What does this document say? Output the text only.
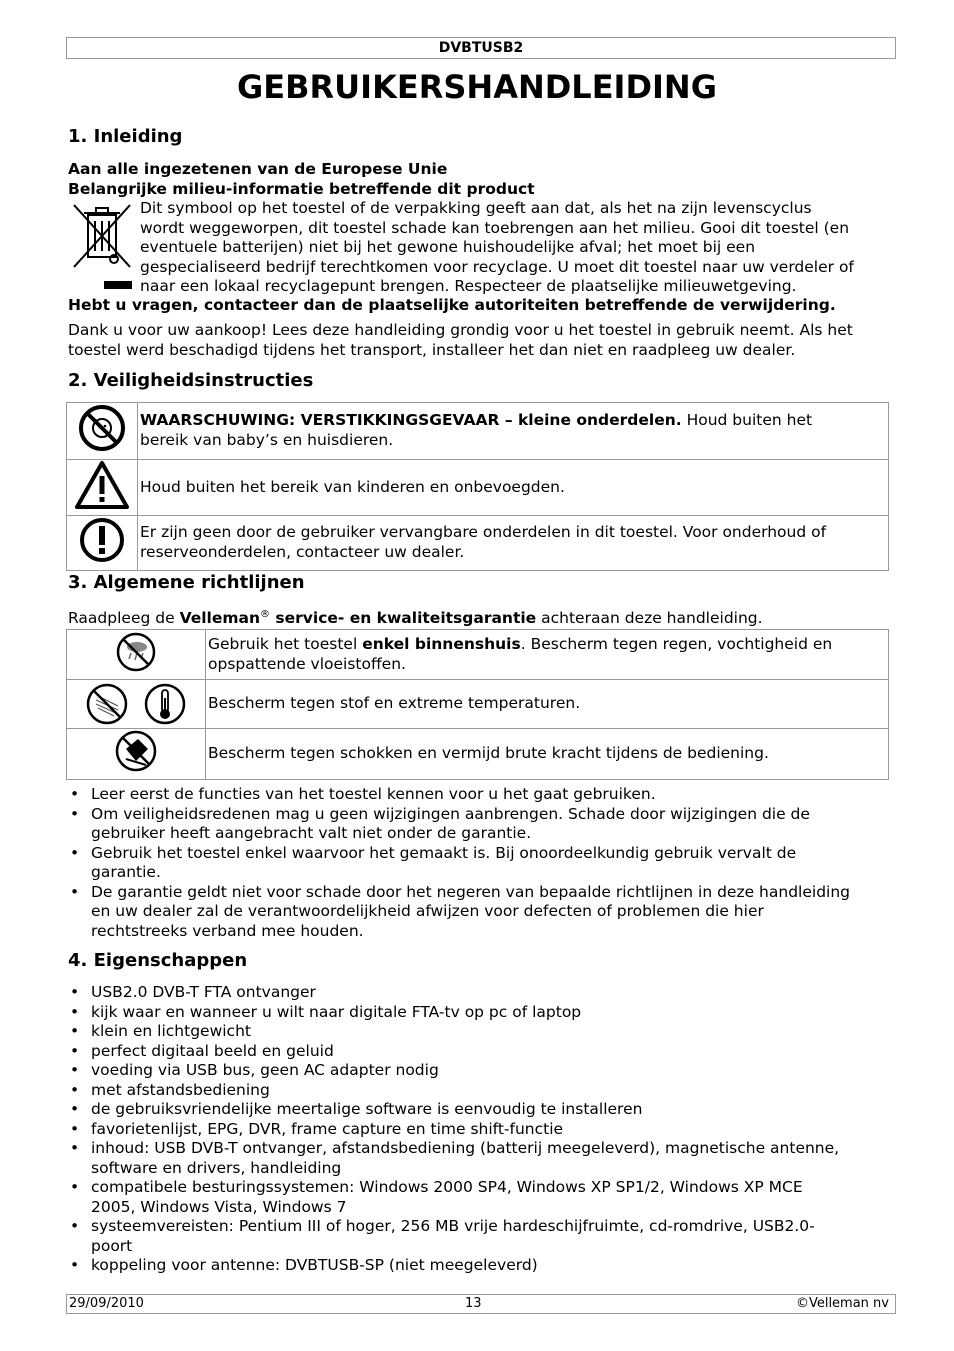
DVBTUSB2
GEBRUIKERSHANDLEIDING
1. Inleiding
Aan alle ingezetenen van de Europese Unie
Belangrijke milieu-informatie betreffende dit product
Dit symbool op het toestel of de verpakking geeft aan dat, als het na zijn levenscyclus
wordt weggeworpen, dit toestel schade kan toebrengen aan het milieu. Gooi dit toestel (en
eventuele batterijen) niet bij het gewone huishoudelijke afval; het moet bij een
gespecialiseerd bedrijf terechtkomen voor recyclage. U moet dit toestel naar uw verdeler of
naar een lokaal recyclagepunt brengen. Respecteer de plaatselijke milieuwetgeving.
Hebt u vragen, contacteer dan de plaatselijke autoriteiten betreffende de verwijdering.
Dank u voor uw aankoop! Lees deze handleiding grondig voor u het toestel in gebruik neemt. Als het
toestel werd beschadigd tijdens het transport, installeer het dan niet en raadpleeg uw dealer.
2. Veiligheidsinstructies
	WAARSCHUWING: VERSTIKKINGSGEVAAR – kleine onderdelen. Houd buiten het
bereik van baby’s en huisdieren.
	Houd buiten het bereik van kinderen en onbevoegden.
	Er zijn geen door de gebruiker vervangbare onderdelen in dit toestel. Voor onderhoud of
reserveonderdelen, contacteer uw dealer.
3. Algemene richtlijnen
Raadpleeg de Velleman® service- en kwaliteitsgarantie achteraan deze handleiding.
	Gebruik het toestel enkel binnenshuis. Bescherm tegen regen, vochtigheid en
opspattende vloeistoffen.
	Bescherm tegen stof en extreme temperaturen.
	Bescherm tegen schokken en vermijd brute kracht tijdens de bediening.
• Leer eerst de functies van het toestel kennen voor u het gaat gebruiken.
• Om veiligheidsredenen mag u geen wijzigingen aanbrengen. Schade door wijzigingen die de
gebruiker heeft aangebracht valt niet onder de garantie.
• Gebruik het toestel enkel waarvoor het gemaakt is. Bij onoordeelkundig gebruik vervalt de
garantie.
• De garantie geldt niet voor schade door het negeren van bepaalde richtlijnen in deze handleiding
en uw dealer zal de verantwoordelijkheid afwijzen voor defecten of problemen die hier
rechtstreeks verband mee houden.
4. Eigenschappen
• USB2.0 DVB-T FTA ontvanger
• kijk waar en wanneer u wilt naar digitale FTA-tv op pc of laptop
• klein en lichtgewicht
• perfect digitaal beeld en geluid
• voeding via USB bus, geen AC adapter nodig
• met afstandsbediening
• de gebruiksvriendelijke meertalige software is eenvoudig te installeren
• favorietenlijst, EPG, DVR, frame capture en time shift-functie
• inhoud: USB DVB-T ontvanger, afstandsbediening (batterij meegeleverd), magnetische antenne,
software en drivers, handleiding
• compatibele besturingssystemen: Windows 2000 SP4, Windows XP SP1/2, Windows XP MCE
2005, Windows Vista, Windows 7
• systeemvereisten: Pentium III of hoger, 256 MB vrije hardeschijfruimte, cd-romdrive, USB2.0-
poort
• koppeling voor antenne: DVBTUSB-SP (niet meegeleverd)
29/09/2010	13	©Velleman nv
